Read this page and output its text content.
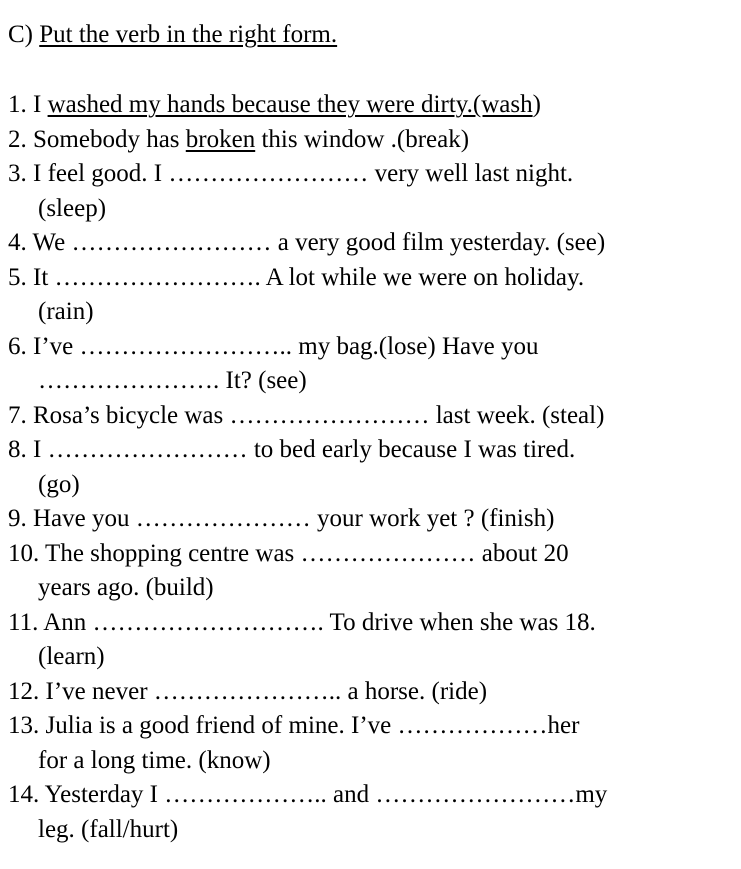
C) Put the verb in the right form.
1. I washed my hands because they were dirty.(wash)
2. Somebody has broken this window .(break)
3. I feel good. I …………………… very well last night.
(sleep)
4. We …………………… a very good film yesterday. (see)
5. It ……………………. A lot while we were on holiday.
(rain)
6. I’ve …………………….. my bag.(lose) Have you
…………………. It? (see)
7. Rosa’s bicycle was …………………… last week. (steal)
8. I …………………… to bed early because I was tired.
(go)
9. Have you ………………… your work yet ? (finish)
10. The shopping centre was ………………… about 20
years ago. (build)
11. Ann ………………………. To drive when she was 18.
(learn)
12. I’ve never ………………….. a horse. (ride)
13. Julia is a good friend of mine. I’ve ………………her
for a long time. (know)
14. Yesterday I ……………….. and ……………………my
leg. (fall/hurt)
